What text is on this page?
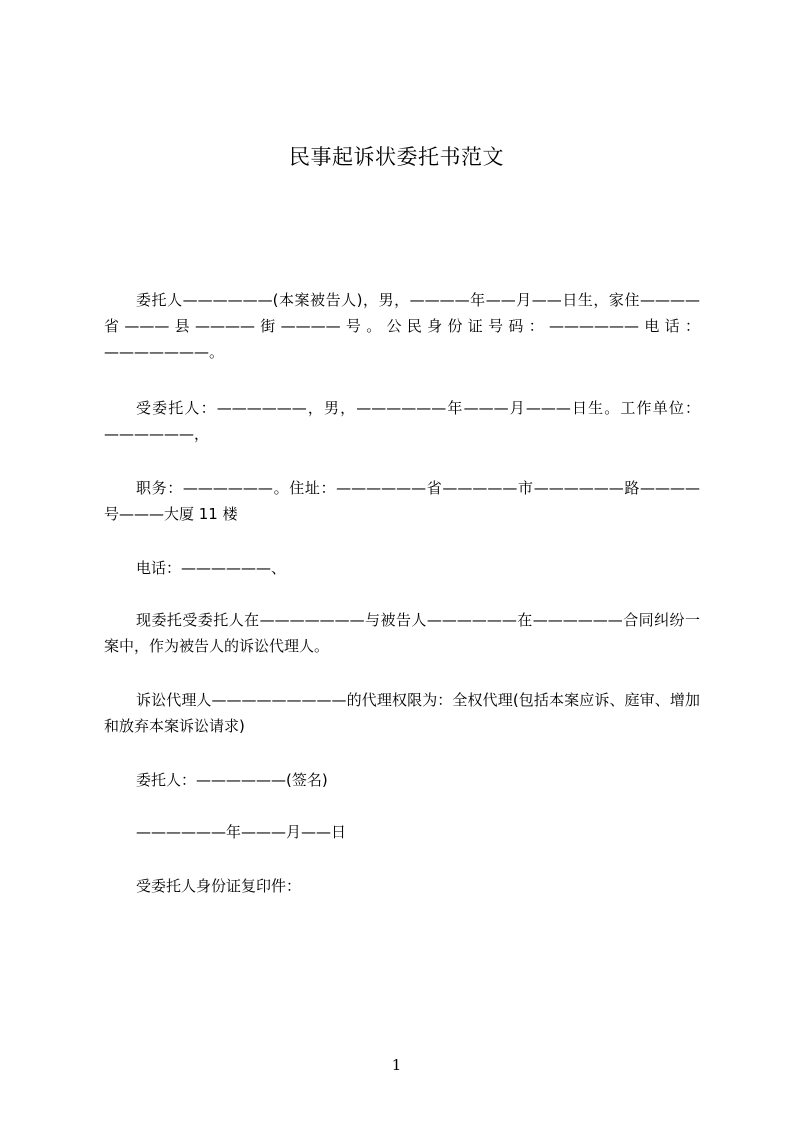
民事起诉状委托书范文

委托人——————(本案被告人)，男，————年——月——日生，家住————省———县————街————号。公民身份证号码：——————电话：———————。

受委托人：——————，男，——————年———月———日生。工作单位：——————，

职务：——————。住址：——————省—————市——————路————号———大厦 11 楼

电话：——————、

现委托受委托人在———————与被告人——————在——————合同纠纷一案中，作为被告人的诉讼代理人。

诉讼代理人—————————的代理权限为：全权代理(包括本案应诉、庭审、增加和放弃本案诉讼请求)

委托人：——————(签名)

——————年———月——日

受委托人身份证复印件：

1
